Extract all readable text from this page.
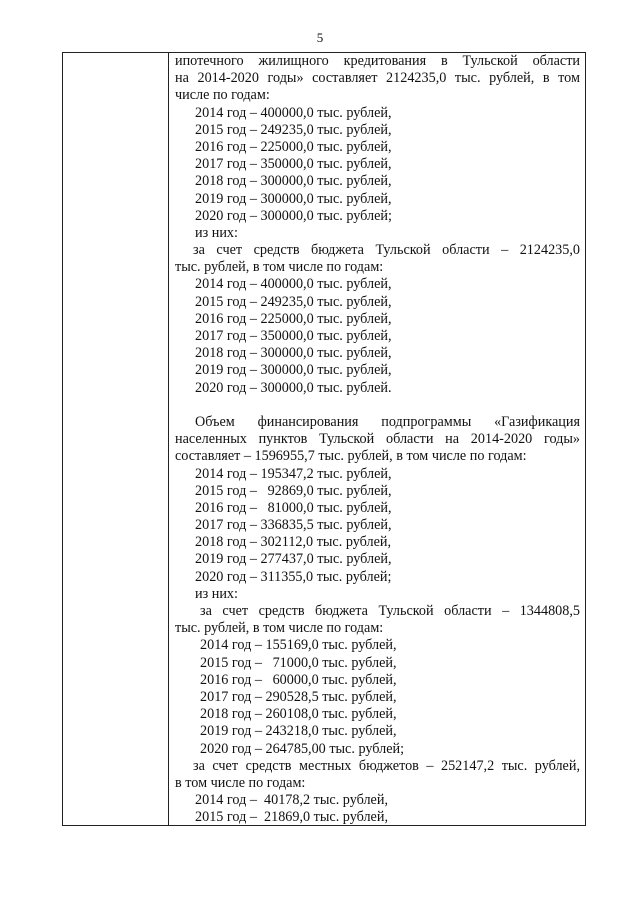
5
ипотечного жилищного кредитования в Тульской области
на 2014-2020 годы» составляет 2124235,0 тыс. рублей, в том
числе по годам:
2014 год – 400000,0 тыс. рублей,
2015 год – 249235,0 тыс. рублей,
2016 год – 225000,0 тыс. рублей,
2017 год – 350000,0 тыс. рублей,
2018 год – 300000,0 тыс. рублей,
2019 год – 300000,0 тыс. рублей,
2020 год – 300000,0 тыс. рублей;
из них:
за счет средств бюджета Тульской области – 2124235,0
тыс. рублей, в том числе по годам:
2014 год – 400000,0 тыс. рублей,
2015 год – 249235,0 тыс. рублей,
2016 год – 225000,0 тыс. рублей,
2017 год – 350000,0 тыс. рублей,
2018 год – 300000,0 тыс. рублей,
2019 год – 300000,0 тыс. рублей,
2020 год – 300000,0 тыс. рублей.
Объем финансирования подпрограммы «Газификация
населенных пунктов Тульской области на 2014-2020 годы»
составляет – 1596955,7 тыс. рублей, в том числе по годам:
2014 год – 195347,2 тыс. рублей,
2015 год –   92869,0 тыс. рублей,
2016 год –   81000,0 тыс. рублей,
2017 год – 336835,5 тыс. рублей,
2018 год – 302112,0 тыс. рублей,
2019 год – 277437,0 тыс. рублей,
2020 год – 311355,0 тыс. рублей;
из них:
за счет средств бюджета Тульской области – 1344808,5
тыс. рублей, в том числе по годам:
2014 год – 155169,0 тыс. рублей,
2015 год –   71000,0 тыс. рублей,
2016 год –   60000,0 тыс. рублей,
2017 год – 290528,5 тыс. рублей,
2018 год – 260108,0 тыс. рублей,
2019 год – 243218,0 тыс. рублей,
2020 год – 264785,00 тыс. рублей;
за счет средств местных бюджетов – 252147,2 тыс. рублей,
в том числе по годам:
2014 год –  40178,2 тыс. рублей,
2015 год –  21869,0 тыс. рублей,
